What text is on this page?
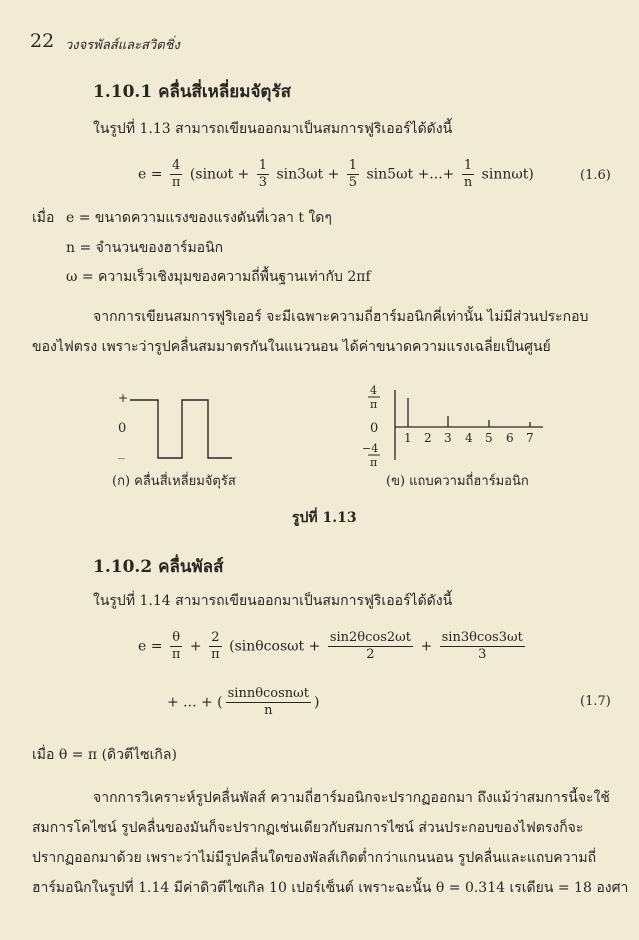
22 วงจรพัลส์และสวิตชิ่ง
1.10.1 คลื่นสี่เหลี่ยมจัตุรัส
ในรูปที่ 1.13 สามารถเขียนออกมาเป็นสมการฟูริเออร์ได้ดังนี้
$e = \frac{4}{\pi} (\sin\omega t + \frac{1}{3} \sin 3\omega t + \frac{1}{5} \sin 5\omega t$ +...+ $\frac{1}{n} \sin n\omega t$)	(1.6)
เมื่อ e = ขนาดความแรงของแรงดันที่เวลา t ใดๆ
n = จำนวนของฮาร์มอนิก
ω = ความเร็วเชิงมุมของความถี่พื้นฐานเท่ากับ 2πf
จากการเขียนสมการฟูริเออร์ จะมีเฉพาะความถี่ฮาร์มอนิกคี่เท่านั้น ไม่มีส่วนประกอบ
ของไฟตรง เพราะว่ารูปคลื่นสมมาตรกันในแนวนอน ได้ค่าขนาดความแรงเฉลี่ยเป็นศูนย์
+
0
_
4
π
0
−4
π
1 2 3 4 5 6 7
(ก) คลื่นสี่เหลี่ยมจัตุรัส	(ข) แถบความถี่ฮาร์มอนิก
รูปที่ 1.13
1.10.2 คลื่นพัลส์
ในรูปที่ 1.14 สามารถเขียนออกมาเป็นสมการฟูริเออร์ได้ดังนี้
$e = \frac{\theta}{\pi} + \frac{2}{\pi} (\sin\theta\cos\omega t + \frac{\sin 2\theta\cos 2\omega t}{2} + \frac{\sin 3\theta\cos 3\omega t}{3}$
+ ... + ( $\frac{\text{sinnθcosnωt}}{n}$ )	(1.7)
เมื่อ θ = π (ดิวตีไซเกิล)
จากการวิเคราะห์รูปคลื่นพัลส์ ความถี่ฮาร์มอนิกจะปรากฏออกมา ถึงแม้ว่าสมการนี้จะใช้
สมการโคไซน์ รูปคลื่นของมันก็จะปรากฏเช่นเดียวกับสมการไซน์ ส่วนประกอบของไฟตรงก็จะ
ปรากฏออกมาด้วย เพราะว่าไม่มีรูปคลื่นใดของพัลส์เกิดต่ำกว่าแกนนอน รูปคลื่นและแถบความถี่
ฮาร์มอนิกในรูปที่ 1.14 มีค่าดิวตีไซเกิล 10 เปอร์เซ็นต์ เพราะฉะนั้น θ = 0.314 เรเดียน = 18 องศา
